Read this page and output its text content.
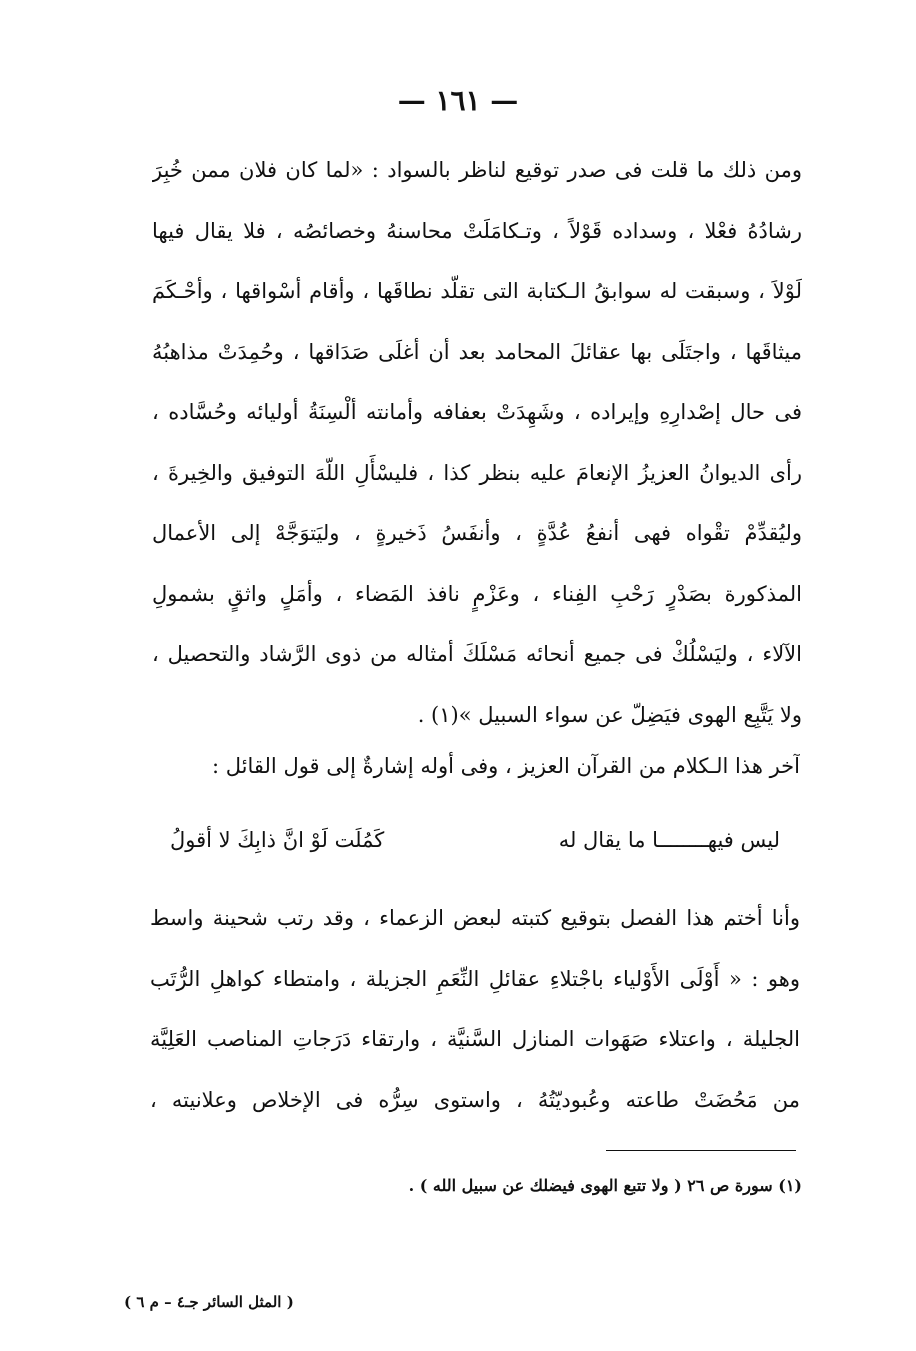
— ١٦١ —
ومن ذلك ما قلت فى صدر توقيع لناظر بالسواد : «لما كان فلان ممن خُبِرَ
رشادُهُ فعْلا ، وسداده قَوْلاً ، وتـكامَلَتْ محاسنهُ وخصائصُه ، فلا يقال فيها
لَوْلاَ ، وسبقت له سوابقُ الـكتابة التى تقلّد نطاقَها ، وأقام أسْواقها ، وأحْـكَمَ
ميثاقَها ، واجتَلَى بها عقائلَ المحامد بعد أن أغلَى صَدَاقها ، وحُمِدَتْ مذاهبُهُ
فى حال إصْدارِهِ وإيراده ، وشَهِدَتْ بعفافه وأمانته ألْسِنَةُ أوليائه وحُسَّاده ،
رأى الديوانُ العزيزُ الإنعامَ عليه بنظر كذا ، فليسْأَلِ اللّهَ التوفيق والخِيرةَ ،
وليُقدِّمْ تقْواه فهى أنفعُ عُدَّةٍ ، وأنفَسُ ذَخيرةٍ ، وليَتوَجَّهْ إلى الأعمال
المذكورة بصَدْرٍ رَحْبِ الفِناء ، وعَزْمٍ نافذ المَضاء ، وأمَلٍ واثقٍ بشمولِ
الآلاء ، وليَسْلُكْ فى جميع أنحائه مَسْلَكَ أمثاله من ذوى الرَّشاد والتحصيل ،
ولا يَتَّبِع الهوى فيَضِلّ عن سواء السبيل »(١) .
آخر هذا الـكلام من القرآن العزيز ، وفى أوله إشارةٌ إلى قول القائل :
ليس فيهــــــــا ما يقال له
كَمُلَت لَوْ انَّ ذابِكَ لا أقولُ
وأنا أختم هذا الفصل بتوقيع كتبته لبعض الزعماء ، وقد رتب شحينة واسط
وهو : « أَوْلَى الأَوْلياء باجْتلاءِ عقائلِ النِّعَمِ الجزيلة ، وامتطاء كواهلِ الرُّتَب
الجليلة ، واعتلاء صَهَوات المنازل السَّنيَّة ، وارتقاء دَرَجاتِ المناصب العَلِيَّة
من مَحُضَتْ طاعته وعُبوديّتُهُ ، واستوى سِرُّه فى الإخلاص وعلانيته ،
(١) سورة ص ٢٦ ( ولا تتبع الهوى فيضلك عن سبيل الله ) .
( المثل السائر جـ٤ – م ٦ )
